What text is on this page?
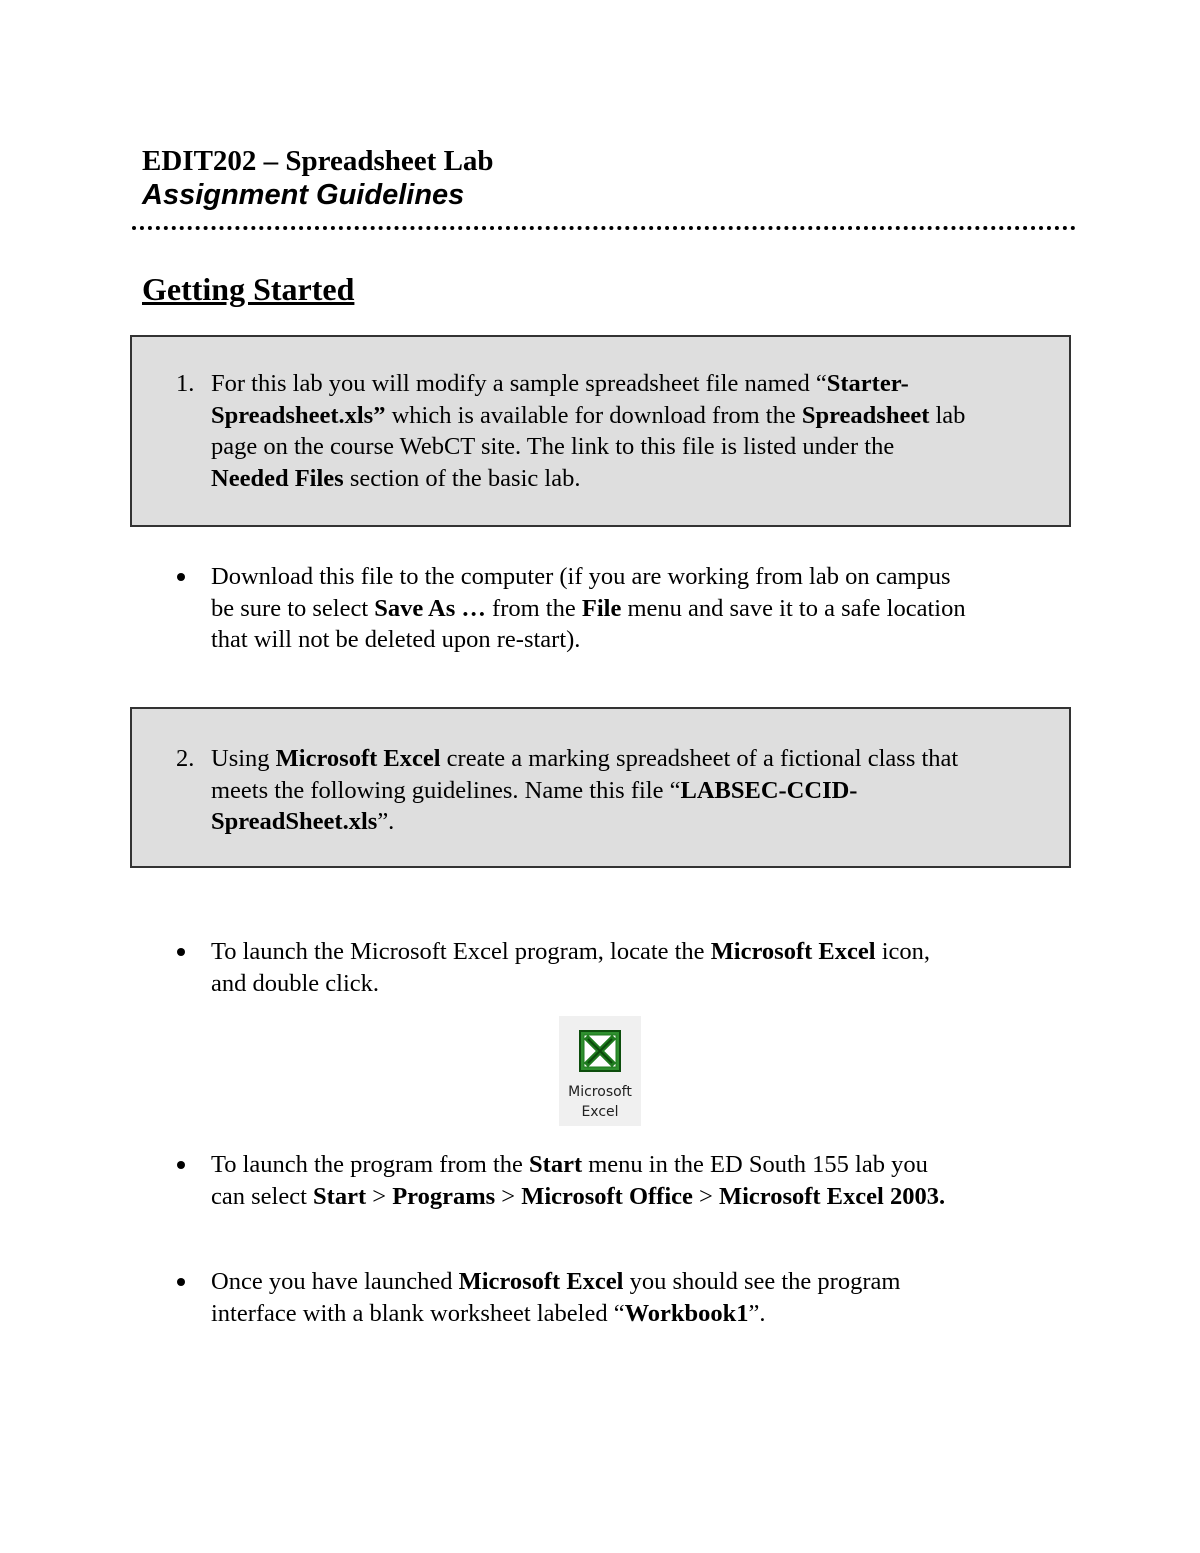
EDIT202 – Spreadsheet Lab
Assignment Guidelines
Getting Started
1. For this lab you will modify a sample spreadsheet file named “Starter-
Spreadsheet.xls” which is available for download from the Spreadsheet lab
page on the course WebCT site. The link to this file is listed under the
Needed Files section of the basic lab.
Download this file to the computer (if you are working from lab on campus
be sure to select Save As … from the File menu and save it to a safe location
that will not be deleted upon re-start).
2. Using Microsoft Excel create a marking spreadsheet of a fictional class that
meets the following guidelines. Name this file “LABSEC-CCID-
SpreadSheet.xls”.
To launch the Microsoft Excel program, locate the Microsoft Excel icon,
and double click.
Microsoft
Excel
To launch the program from the Start menu in the ED South 155 lab you
can select Start > Programs > Microsoft Office > Microsoft Excel 2003.
Once you have launched Microsoft Excel you should see the program
interface with a blank worksheet labeled “Workbook1”.
